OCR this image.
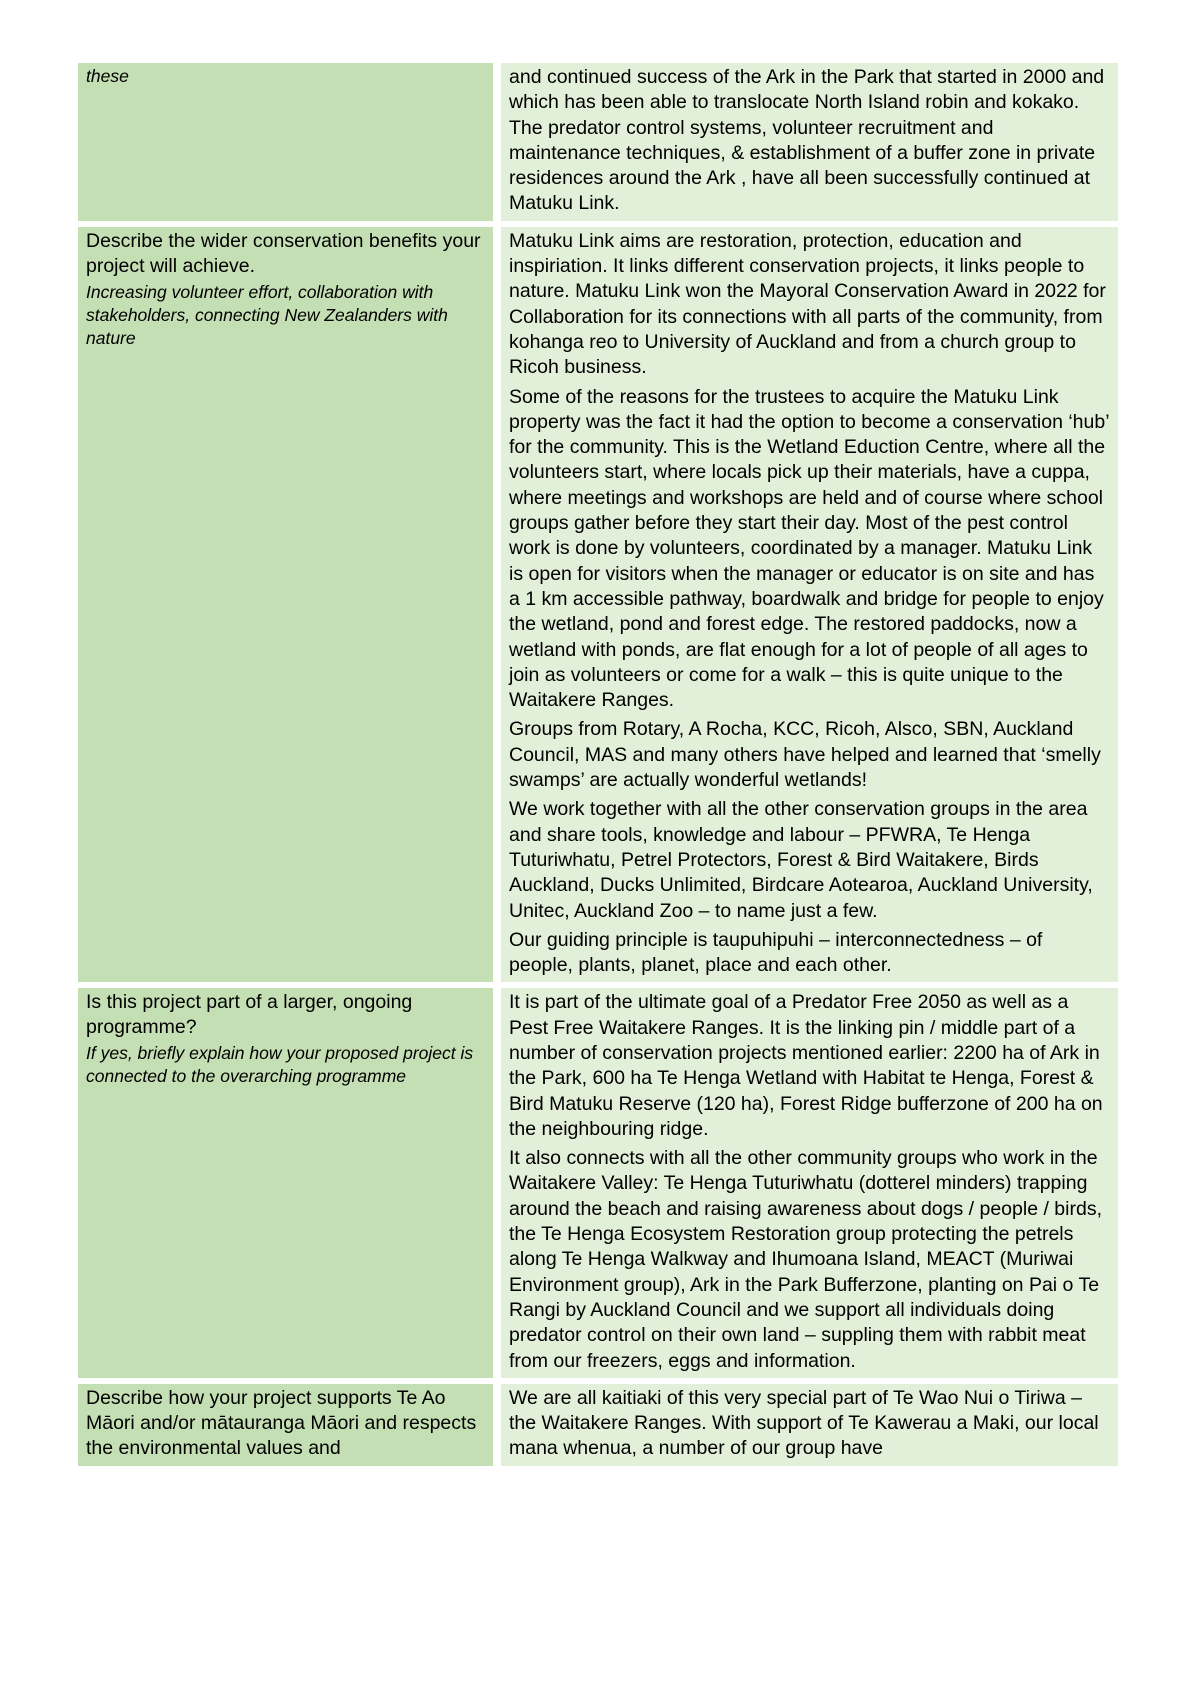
these	and continued success of the Ark in the Park that started in 2000 and which has been able to translocate North Island robin and kokako. The predator control systems, volunteer recruitment and maintenance techniques, & establishment of a buffer zone in private residences around the Ark , have all been successfully continued at Matuku Link.

Describe the wider conservation benefits your project will achieve.

Increasing volunteer effort, collaboration with stakeholders, connecting New Zealanders with nature

Matuku Link aims are restoration, protection, education and inspiriation. It links different conservation projects, it links people to nature. Matuku Link won the Mayoral Conservation Award in 2022 for Collaboration for its connections with all parts of the community, from kohanga reo to University of Auckland and from a church group to Ricoh business.

Some of the reasons for the trustees to acquire the Matuku Link property was the fact it had the option to become a conservation ‘hub’ for the community. This is the Wetland Eduction Centre, where all the volunteers start, where locals pick up their materials, have a cuppa, where meetings and workshops are held and of course where school groups gather before they start their day. Most of the pest control work is done by volunteers, coordinated by a manager. Matuku Link is open for visitors when the manager or educator is on site and has a 1 km accessible pathway, boardwalk and bridge for people to enjoy the wetland, pond and forest edge. The restored paddocks, now a wetland with ponds, are flat enough for a lot of people of all ages to join as volunteers or come for a walk – this is quite unique to the Waitakere Ranges.

Groups from Rotary, A Rocha, KCC, Ricoh, Alsco, SBN, Auckland Council, MAS and many others have helped and learned that ‘smelly swamps’ are actually wonderful wetlands!

We work together with all the other conservation groups in the area and share tools, knowledge and labour – PFWRA, Te Henga Tuturiwhatu, Petrel Protectors, Forest & Bird Waitakere, Birds Auckland, Ducks Unlimited, Birdcare Aotearoa, Auckland University, Unitec, Auckland Zoo – to name just a few.

Our guiding principle is taupuhipuhi – interconnectedness – of people, plants, planet, place and each other.

Is this project part of a larger, ongoing programme?

If yes, briefly explain how your proposed project is connected to the overarching programme

It is part of the ultimate goal of a Predator Free 2050 as well as a Pest Free Waitakere Ranges. It is the linking pin / middle part of a number of conservation projects mentioned earlier: 2200 ha of Ark in the Park, 600 ha Te Henga Wetland with Habitat te Henga, Forest & Bird Matuku Reserve (120 ha), Forest Ridge bufferzone of 200 ha on the neighbouring ridge.

It also connects with all the other community groups who work in the Waitakere Valley: Te Henga Tuturiwhatu (dotterel minders) trapping around the beach and raising awareness about dogs / people / birds, the Te Henga Ecosystem Restoration group protecting the petrels along Te Henga Walkway and Ihumoana Island, MEACT (Muriwai Environment group), Ark in the Park Bufferzone, planting on Pai o Te Rangi by Auckland Council and we support all individuals doing predator control on their own land – suppling them with rabbit meat from our freezers, eggs and information.

Describe how your project supports Te Ao Māori and/or mātauranga Māori and respects the environmental values and

We are all kaitiaki of this very special part of Te Wao Nui o Tiriwa – the Waitakere Ranges. With support of Te Kawerau a Maki, our local mana whenua, a number of our group have
